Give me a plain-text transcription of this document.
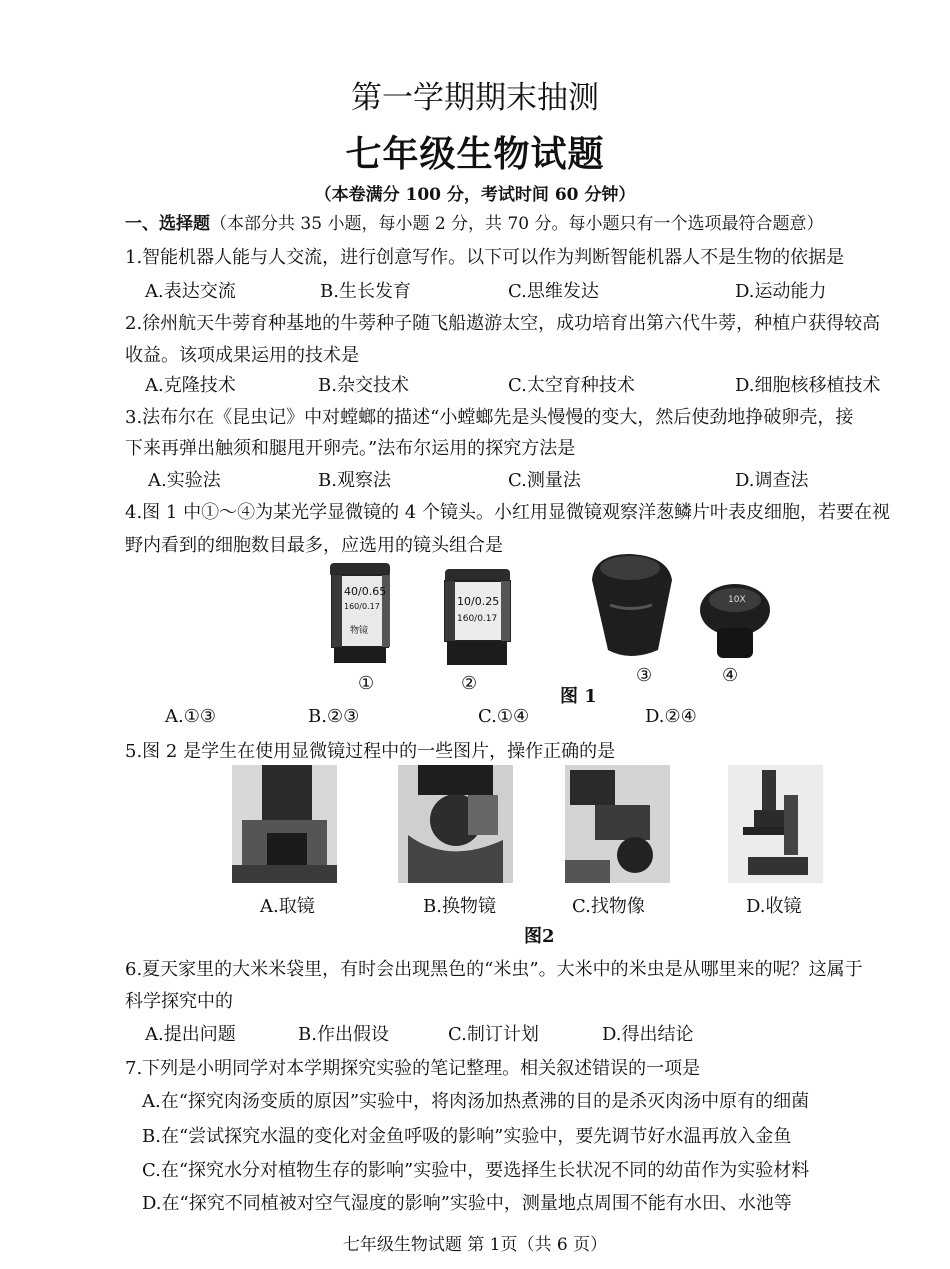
第一学期期末抽测
七年级生物试题
（本卷满分 100 分，考试时间 60 分钟）
一、选择题（本部分共 35 小题，每小题 2 分，共 70 分。每小题只有一个选项最符合题意）
1.智能机器人能与人交流，进行创意写作。以下可以作为判断智能机器人不是生物的依据是
A.表达交流	B.生长发育	C.思维发达	D.运动能力
2.徐州航天牛蒡育种基地的牛蒡种子随飞船遨游太空，成功培育出第六代牛蒡，种植户获得较高
收益。该项成果运用的技术是
A.克隆技术	B.杂交技术	C.太空育种技术	D.细胞核移植技术
3.法布尔在《昆虫记》中对螳螂的描述“小螳螂先是头慢慢的变大，然后使劲地挣破卵壳，接
下来再弹出触须和腿甩开卵壳。”法布尔运用的探究方法是
A.实验法	B.观察法	C.测量法	D.调查法
4.图 1 中①～④为某光学显微镜的 4 个镜头。小红用显微镜观察洋葱鳞片叶表皮细胞，若要在视
野内看到的细胞数目最多，应选用的镜头组合是
40/0.65
160/0.17
物镜
10/0.25
160/0.17
10X
①	②
图 1
③	④
A.①③	B.②③	C.①④	D.②④
5.图 2 是学生在使用显微镜过程中的一些图片，操作正确的是
A.取镜	B.换物镜	C.找物像	D.收镜
图2
6.夏天家里的大米米袋里，有时会出现黑色的“米虫”。大米中的米虫是从哪里来的呢？这属于
科学探究中的
A.提出问题	B.作出假设	C.制订计划	D.得出结论
7.下列是小明同学对本学期探究实验的笔记整理。相关叙述错误的一项是
A.在“探究肉汤变质的原因”实验中，将肉汤加热煮沸的目的是杀灭肉汤中原有的细菌
B.在“尝试探究水温的变化对金鱼呼吸的影响”实验中，要先调节好水温再放入金鱼
C.在“探究水分对植物生存的影响”实验中，要选择生长状况不同的幼苗作为实验材料
D.在“探究不同植被对空气湿度的影响”实验中，测量地点周围不能有水田、水池等
七年级生物试题 第 1页（共 6 页）
